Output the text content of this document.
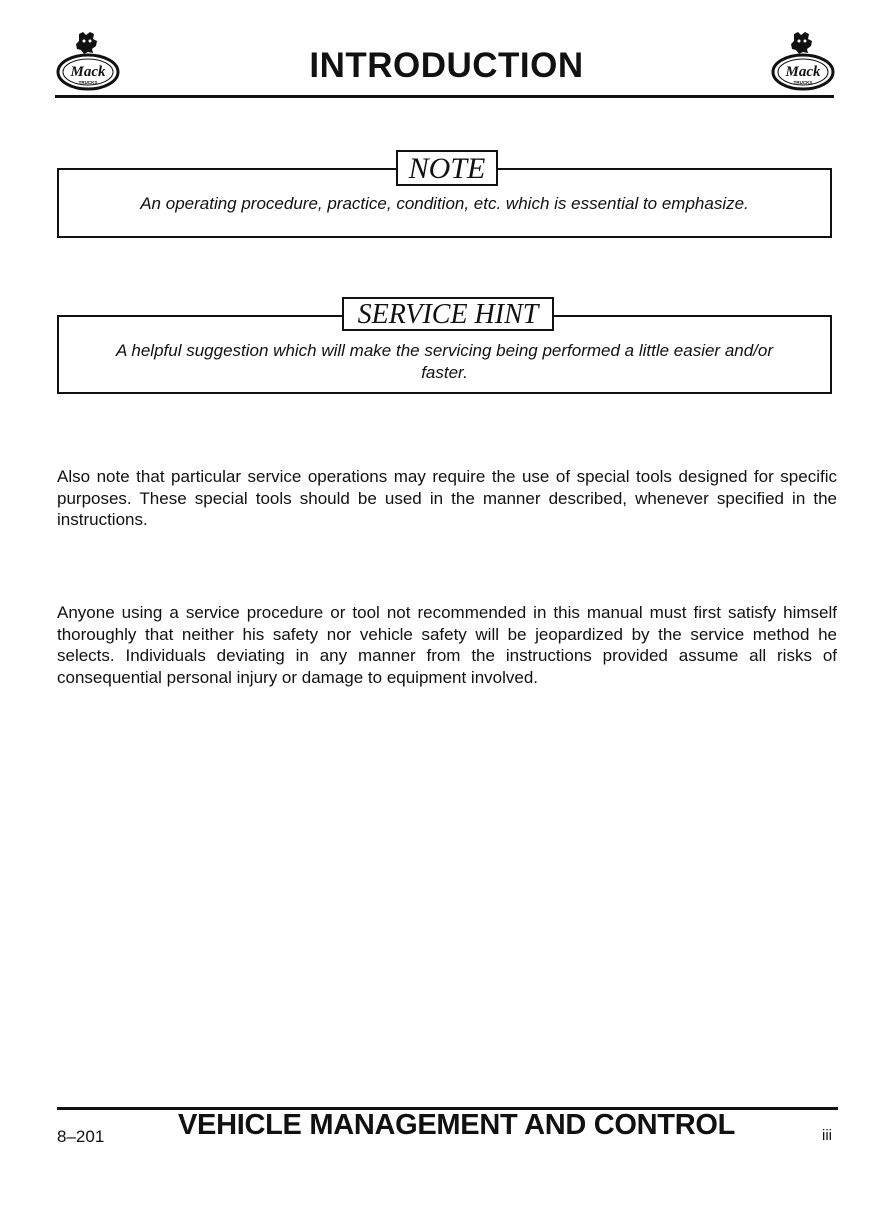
Mack
TRUCKS	INTRODUCTION	Mack
TRUCKS
An operating procedure, practice, condition, etc. which is essential to emphasize.
NOTE
A helpful suggestion which will make the servicing being performed a little easier and/or faster.
SERVICE HINT

Also note that particular service operations may require the use of special tools designed for specific purposes. These special tools should be used in the manner described, whenever specified in the instructions.

Anyone using a service procedure or tool not recommended in this manual must first satisfy himself thoroughly that neither his safety nor vehicle safety will be jeopardized by the service method he selects. Individuals deviating in any manner from the instructions provided assume all risks of consequential personal injury or damage to equipment involved.

8–201	VEHICLE MANAGEMENT AND CONTROL	iii
